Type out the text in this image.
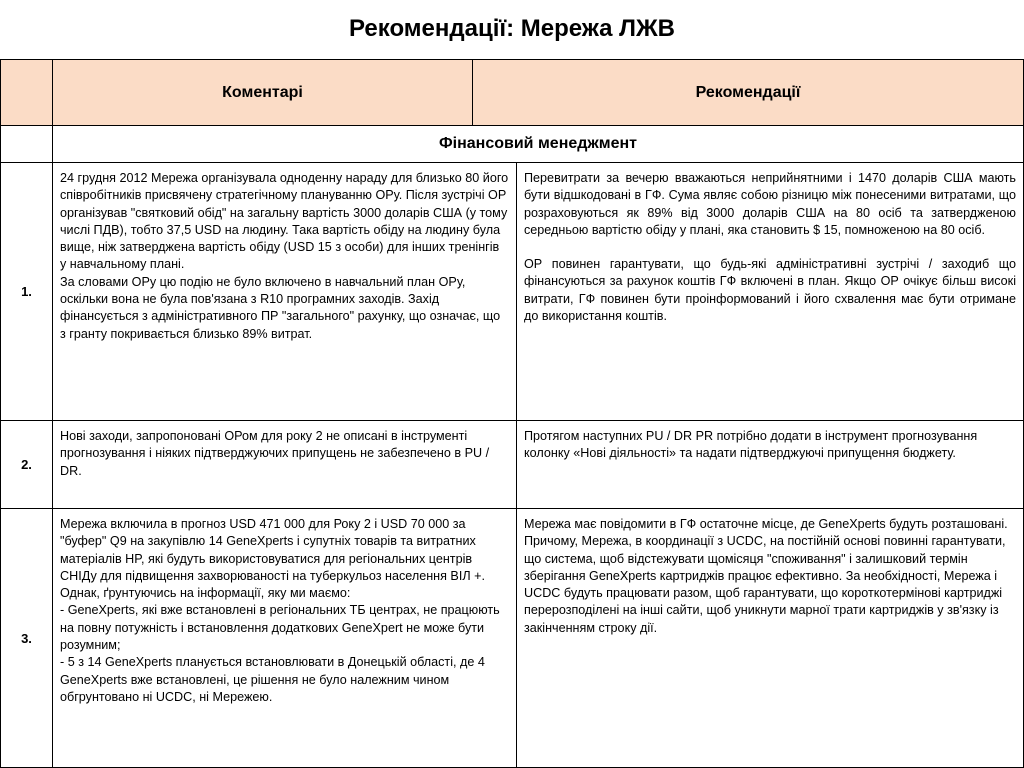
Рекомендації: Мережа ЛЖВ
Коментарі	Рекомендації
Фінансовий менеджмент
1.

24 грудня 2012 Мережа організувала одноденну нараду для близько 80 його співробітників присвячену стратегічному плануванню ОРу. Після зустрічі ОР організував "святковий обід" на загальну вартість 3000 доларів США (у тому числі ПДВ), тобто 37,5 USD на людину. Така вартість обіду на людину була вище, ніж затверджена вартість обіду (USD 15 з особи) для інших тренінгів у навчальному плані.
За словами ОРу цю подію не було включено в навчальний план ОРу, оскільки вона не була пов'язана з R10 програмних заходів. Захід фінансується з адміністративного ПР "загального" рахунку, що означає, що з гранту покривається близько 89% витрат.

Перевитрати за вечерю вважаються неприйнятними і 1470 доларів США мають бути відшкодовані в ГФ. Сума являє собою різницю між понесеними витратами, що розраховуються як 89% від 3000 доларів США на 80 осіб та затвердженою середньою вартістю обіду у плані, яка становить $ 15, помноженою на 80 осіб.

ОР повинен гарантувати, що будь-які адміністративні зустрічі / заходиб що фінансуються за рахунок коштів ГФ включені в план. Якщо ОР очікує більш високі витрати, ГФ повинен бути проінформований і його схвалення має бути отримане до використання коштів.

2.

Нові заходи, запропоновані ОРом для року 2 не описані в інструменті прогнозування і ніяких підтверджуючих припущень не забезпечено в PU / DR.

Протягом наступних PU / DR PR потрібно додати в інструмент прогнозування колонку «Нові діяльності» та надати підтверджуючі припущення бюджету.

3.

Мережа включила в прогноз USD 471 000 для Року 2 і USD 70 000 за "буфер" Q9 на закупівлю 14 GeneXperts і супутніх товарів та витратних матеріалів HP, які будуть використовуватися для регіональних центрів СНІДу для підвищення захворюваності на туберкульоз населення ВІЛ +.
Однак, ґрунтуючись на інформації, яку ми маємо:
- GeneXperts, які вже встановлені в регіональних ТБ центрах, не працюють на повну потужність і встановлення додаткових GeneXpert не може бути розумним;
- 5 з 14 GeneXperts планується встановлювати в Донецькій області, де 4 GeneXperts вже встановлені, це рішення не було належним чином обгрунтовано ні UCDC, ні Мережею.

Мережа має повідомити в ГФ остаточне місце, де GeneXperts будуть розташовані. Причому, Мережа, в координації з UCDC, на постійній основі повинні гарантувати, що система, щоб відстежувати щомісяця "споживання" і залишковий термін зберігання GeneXperts картриджів працює ефективно. За необхідності, Мережа і UCDC будуть працювати разом, щоб гарантувати, що короткотермінові картриджі перерозподілені на інші сайти, щоб уникнути марної трати картриджів у зв'язку із закінченням строку дії.
